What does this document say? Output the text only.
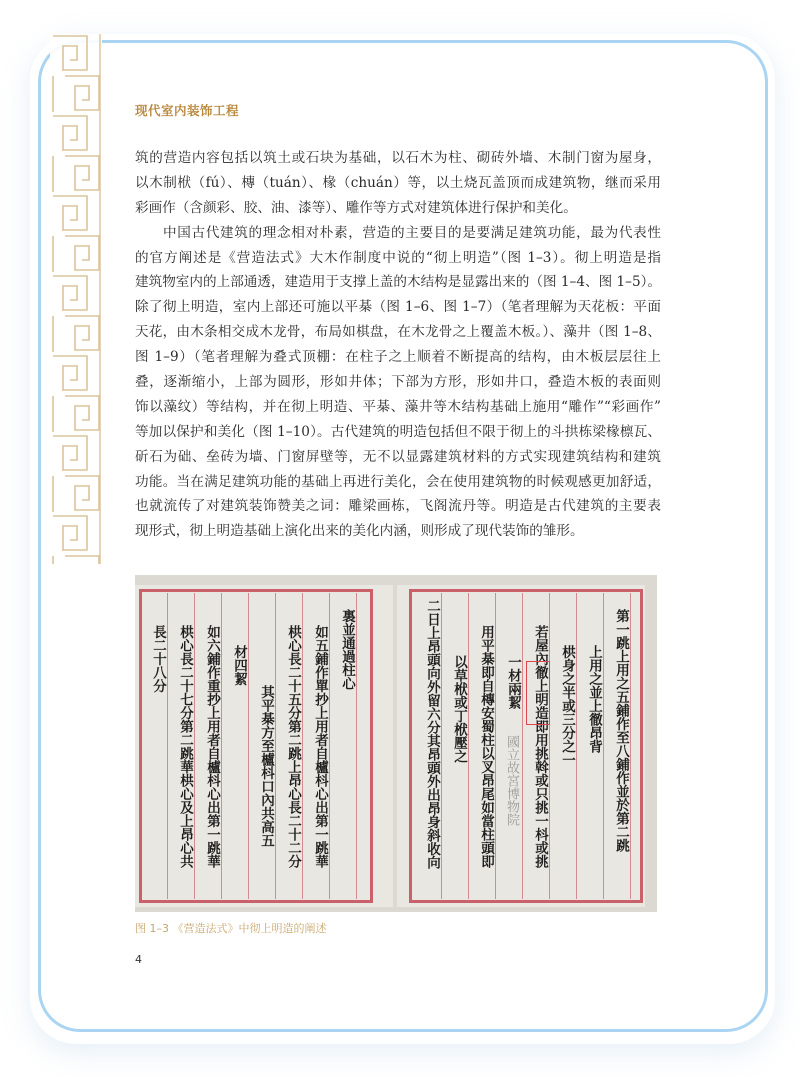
现代室内装饰工程
筑的营造内容包括以筑土或石块为基础，以石木为柱、砌砖外墙、木制门窗为屋身，
以木制栿（fú）、槫（tuán）、椽（chuán）等，以土烧瓦盖顶而成建筑物，继而采用
彩画作（含颜彩、胶、油、漆等）、雕作等方式对建筑体进行保护和美化。
中国古代建筑的理念相对朴素，营造的主要目的是要满足建筑功能，最为代表性
的官方阐述是《营造法式》大木作制度中说的“彻上明造”（图 1–3）。彻上明造是指
建筑物室内的上部通透，建造用于支撑上盖的木结构是显露出来的（图 1–4、图 1–5）。
除了彻上明造，室内上部还可施以平棊（图 1–6、图 1–7）（笔者理解为天花板：平面
天花，由木条相交成木龙骨，布局如棋盘，在木龙骨之上覆盖木板。）、藻井（图 1–8、
图 1–9）（笔者理解为叠式顶棚：在柱子之上顺着不断提高的结构，由木板层层往上
叠，逐渐缩小，上部为圆形，形如井体；下部为方形，形如井口，叠造木板的表面则
饰以藻纹）等结构，并在彻上明造、平棊、藻井等木结构基础上施用“雕作”“彩画作”
等加以保护和美化（图 1–10）。古代建筑的明造包括但不限于彻上的斗拱栋梁椽檩瓦、
斫石为础、垒砖为墙、门窗屏壁等，无不以显露建筑材料的方式实现建筑结构和建筑
功能。当在满足建筑功能的基础上再进行美化，会在使用建筑物的时候观感更加舒适，
也就流传了对建筑装饰赞美之词：雕梁画栋，飞阁流丹等。明造是古代建筑的主要表
现形式，彻上明造基础上演化出来的美化内涵，则形成了现代装饰的雏形。
裏並通過柱心
如五鋪作單抄上用者自櫨枓心出第一跳華
栱心長二十五分第二跳上昂心長二十二分
其平棊方至櫨枓口內共高五
材四絜
如六鋪作重抄上用者自櫨枓心出第一跳華
栱心長二十七分第二跳華栱心及上昂心共
長二十八分	第一跳上用之五鋪作至八鋪作並於第二跳
上用之並上徹昂背
栱身之半或三分之一
若屋內徹上明造即用挑斡或只挑一枓或挑
一材兩絜
用平棊即自槫安蜀柱以叉昂尾如當柱頭即
以草栿或丁栿壓之
二日上昂頭向外留六分其昂頭外出昂身斜收向	國立故宮博物院
图 1–3 《营造法式》中彻上明造的阐述
4
